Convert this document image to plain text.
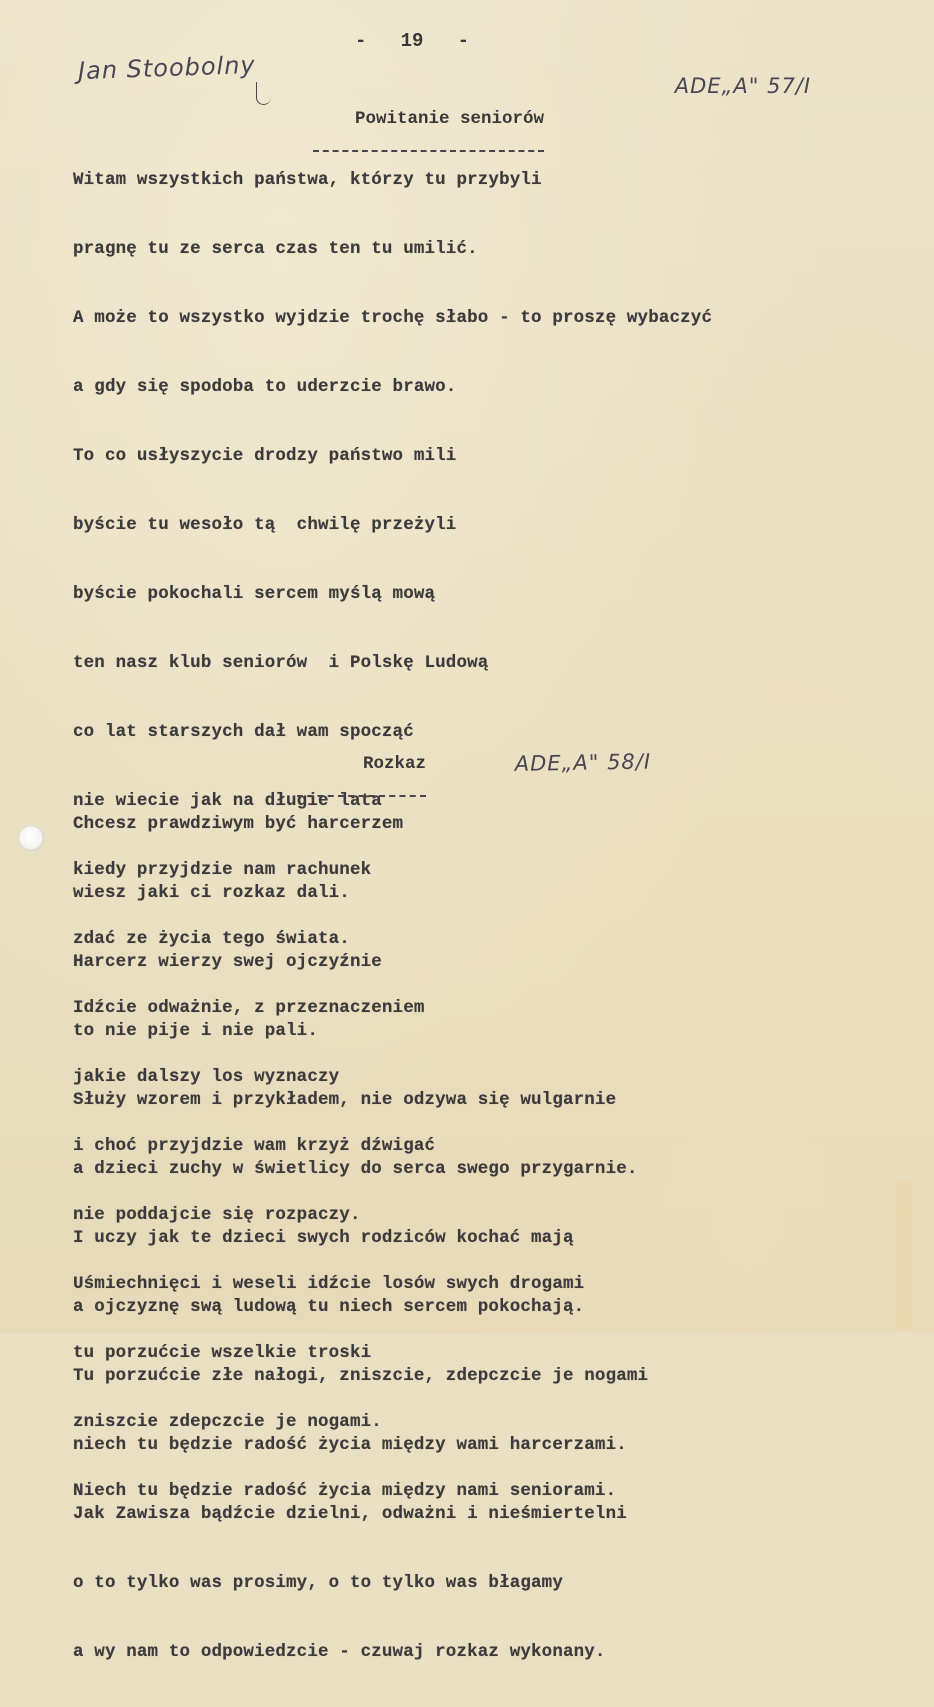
-   19   -
Jan Stoobolny

ADE„A" 57/I

Powitanie seniorów

Witam wszystkich państwa, którzy tu przybyli

pragnę tu ze serca czas ten tu umilić.

A może to wszystko wyjdzie trochę słabo - to proszę wybaczyć

a gdy się spodoba to uderzcie brawo.

To co usłyszycie drodzy państwo mili

byście tu wesoło tą  chwilę przeżyli

byście pokochali sercem myślą mową

ten nasz klub seniorów  i Polskę Ludową

co lat starszych dał wam spocząć

nie wiecie jak na długie lata

kiedy przyjdzie nam rachunek

zdać ze życia tego świata.

Idźcie odważnie, z przeznaczeniem

jakie dalszy los wyznaczy

i choć przyjdzie wam krzyż dźwigać

nie poddajcie się rozpaczy.

Uśmiechnięci i weseli idźcie losów swych drogami

tu porzućcie wszelkie troski

zniszcie zdepczcie je nogami.

Niech tu będzie radość życia między nami seniorami.

Rozkaz

	ADE„A" 58/I

Chcesz prawdziwym być harcerzem

wiesz jaki ci rozkaz dali.

Harcerz wierzy swej ojczyźnie

to nie pije i nie pali.

Służy wzorem i przykładem, nie odzywa się wulgarnie

a dzieci zuchy w świetlicy do serca swego przygarnie.

I uczy jak te dzieci swych rodziców kochać mają

a ojczyznę swą ludową tu niech sercem pokochają.

Tu porzućcie złe nałogi, zniszcie, zdepczcie je nogami

niech tu będzie radość życia między wami harcerzami.

Jak Zawisza bądźcie dzielni, odważni i nieśmiertelni

o to tylko was prosimy, o to tylko was błagamy

a wy nam to odpowiedzcie - czuwaj rozkaz wykonany.
